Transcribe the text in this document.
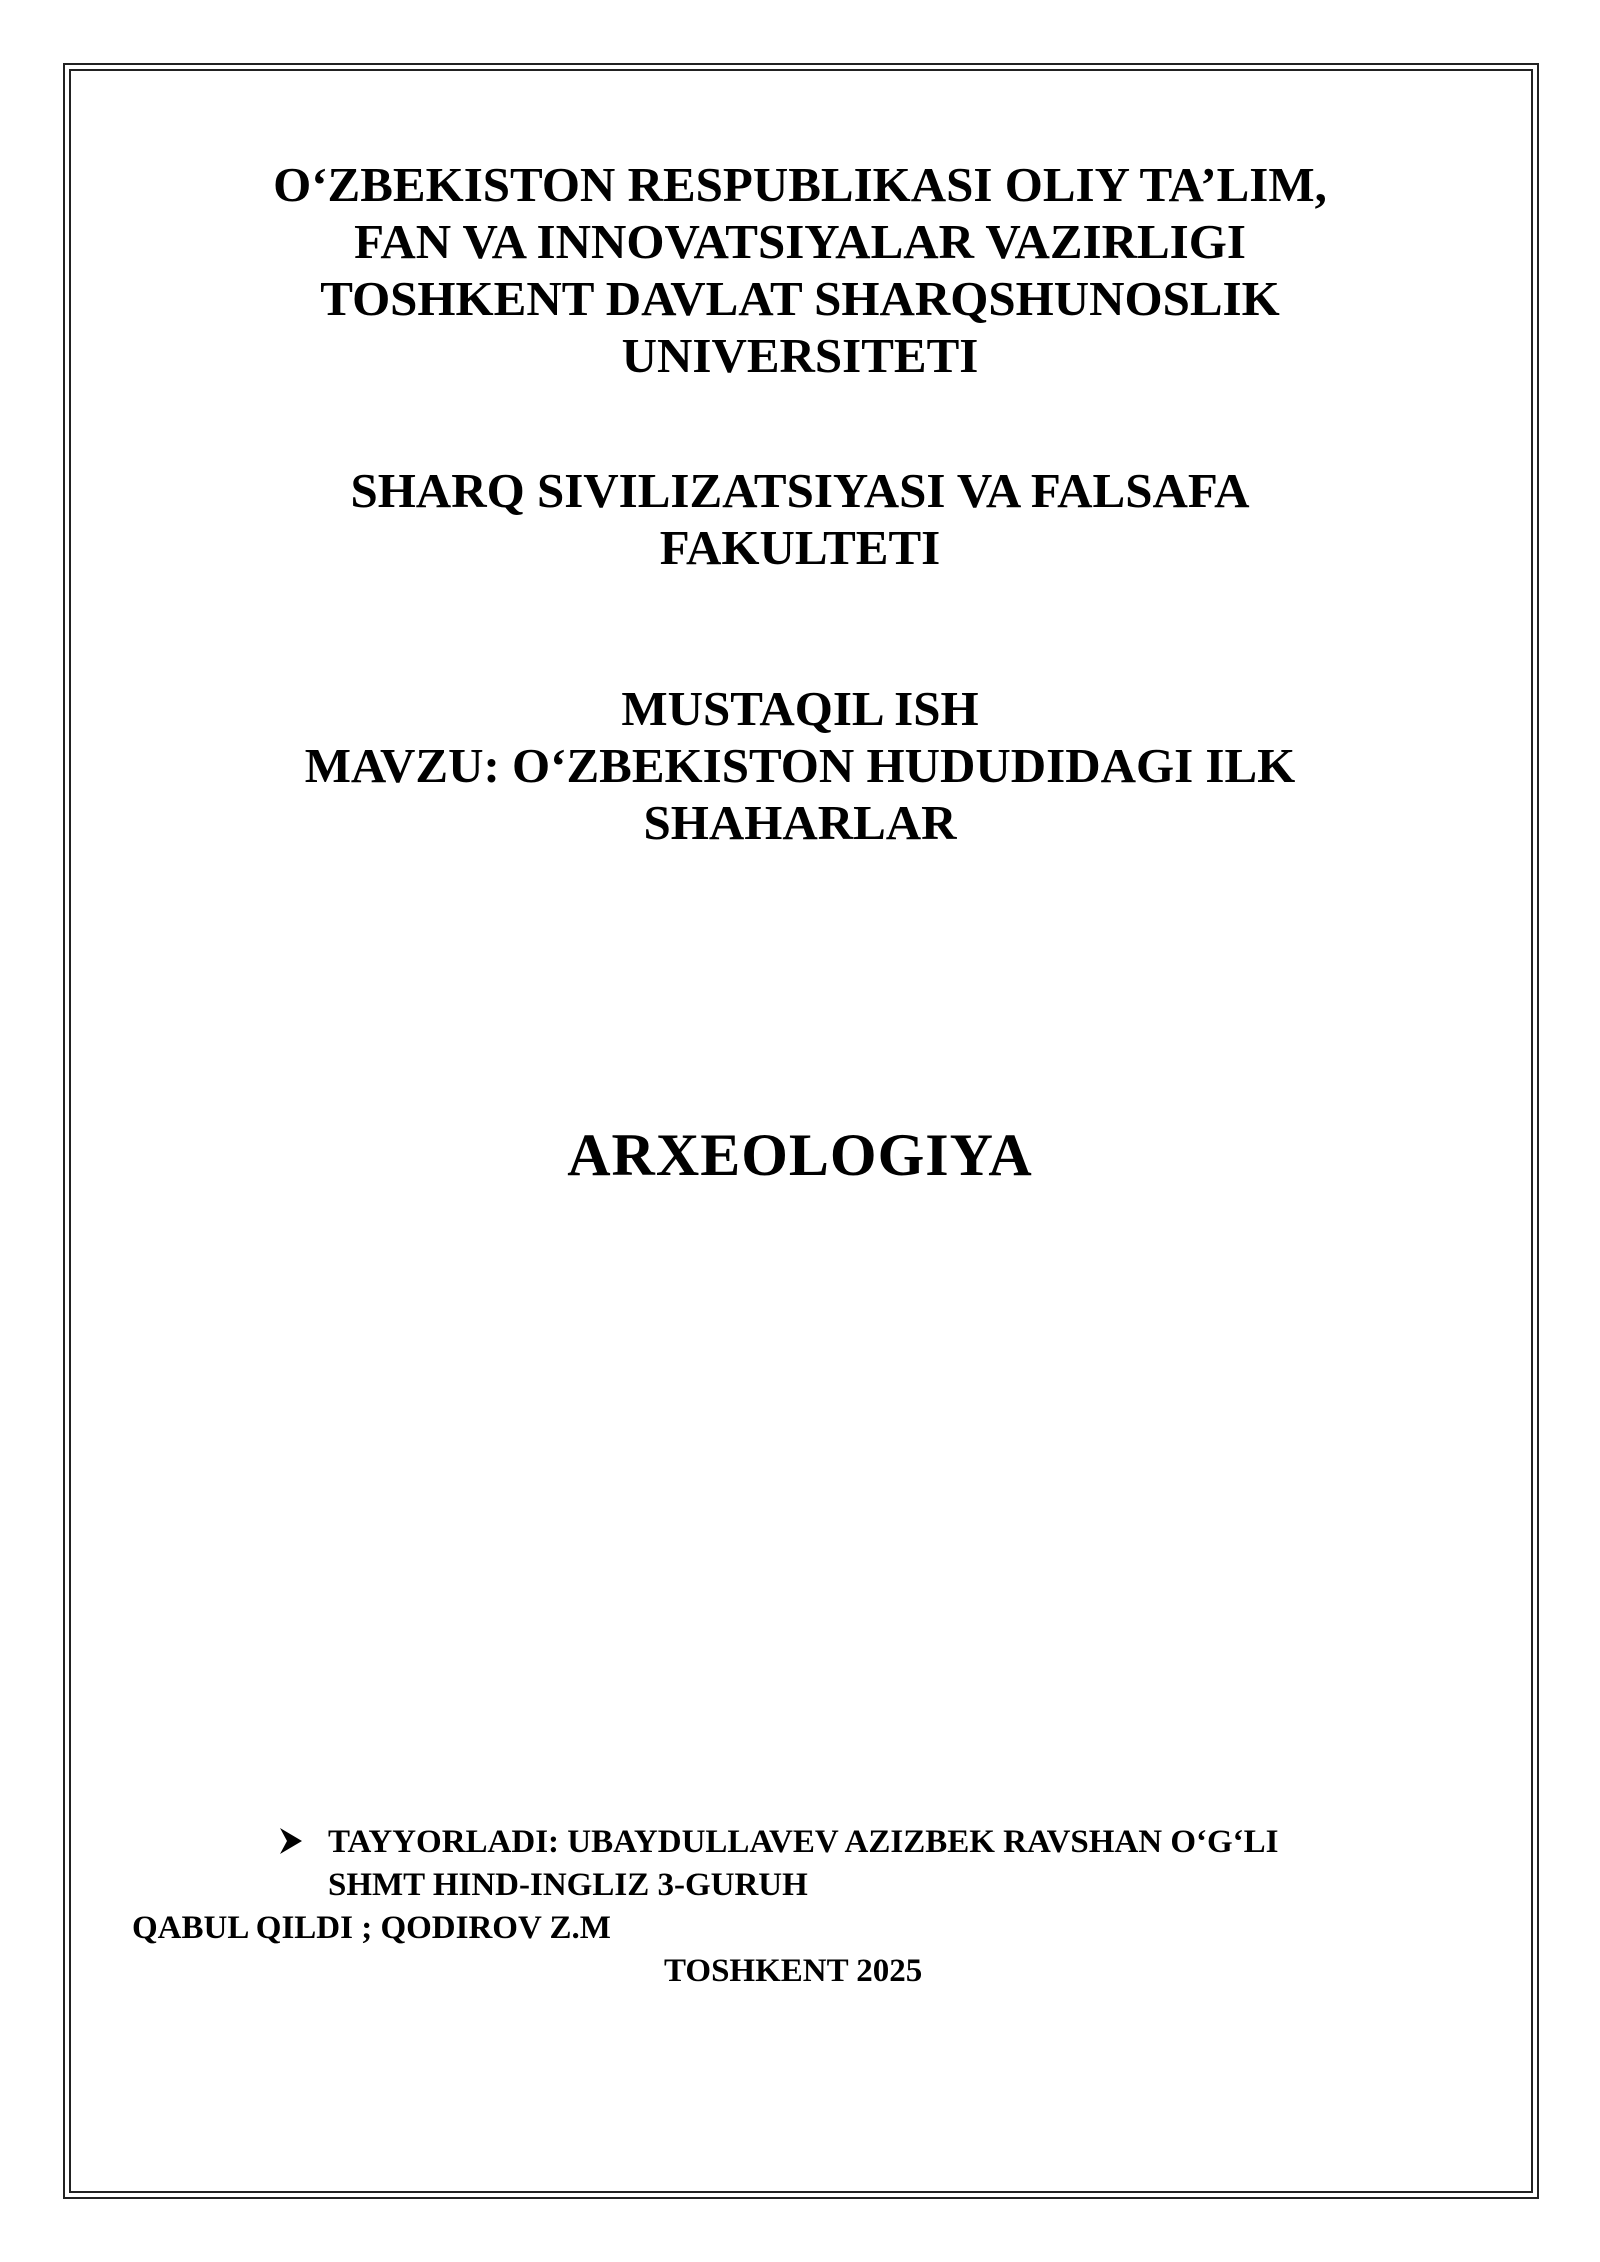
O‘ZBEKISTON RESPUBLIKASI OLIY TA’LIM,
FAN VA INNOVATSIYALAR VAZIRLIGI
TOSHKENT DAVLAT SHARQSHUNOSLIK
UNIVERSITETI
SHARQ SIVILIZATSIYASI VA FALSAFA
FAKULTETI
MUSTAQIL ISH
MAVZU: O‘ZBEKISTON HUDUDIDAGI ILK
SHAHARLAR
ARXEOLOGIYA
TAYYORLADI: UBAYDULLAVEV AZIZBEK RAVSHAN O‘G‘LI
SHMT HIND-INGLIZ 3-GURUH
QABUL QILDI ; QODIROV Z.M
TOSHKENT 2025
